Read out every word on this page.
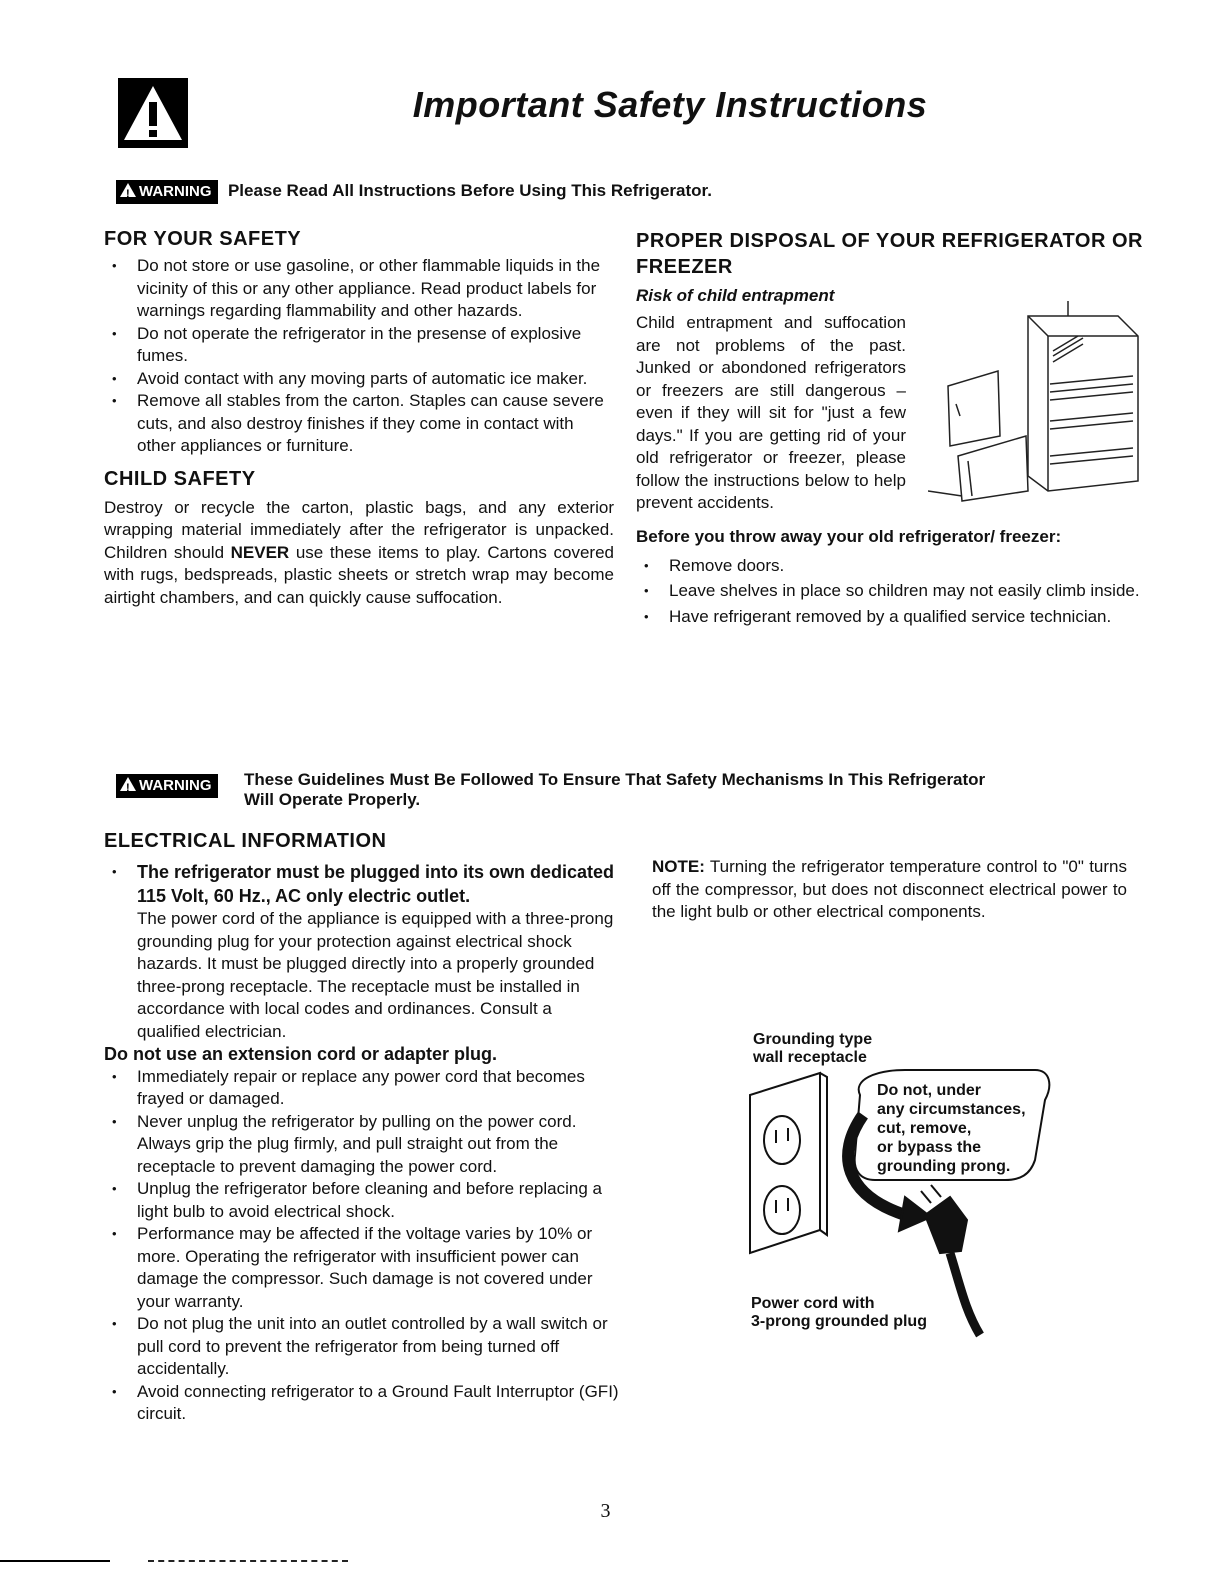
Important Safety Instructions
!WARNING Please Read All Instructions Before Using This Refrigerator.
FOR YOUR SAFETY
• Do not store or use gasoline, or other flammable liquids in the vicinity of this or any other appliance. Read product labels for warnings regarding flammability and other hazards.
• Do not operate the refrigerator in the presense of explosive fumes.
• Avoid contact with any moving parts of automatic ice maker.
• Remove all stables from the carton. Staples can cause severe cuts, and also destroy finishes if they come in contact with other appliances or furniture.
CHILD SAFETY
Destroy or recycle the carton, plastic bags, and any exterior wrapping material immediately after the refrigerator is unpacked. Children should NEVER use these items to play. Cartons covered with rugs, bedspreads, plastic sheets or stretch wrap may become airtight chambers, and can quickly cause suffocation.
PROPER DISPOSAL OF YOUR REFRIGERATOR OR FREEZER
Risk of child entrapment
Child entrapment and suffocation are not problems of the past. Junked or abondoned refrigerators or freezers are still dangerous – even if they will sit for "just a few days." If you are getting rid of your old refrigerator or freezer, please follow the instructions below to help prevent accidents.
Before you throw away your old refrigerator/ freezer:
• Remove doors.
• Leave shelves in place so children may not easily climb inside.
• Have refrigerant removed by a qualified service technician.
!WARNING These Guidelines Must Be Followed To Ensure That Safety Mechanisms In This Refrigerator
Will Operate Properly.
ELECTRICAL INFORMATION
• The refrigerator must be plugged into its own dedicated 115 Volt, 60 Hz., AC only electric outlet.
The power cord of the appliance is equipped with a three-prong grounding plug for your protection against electrical shock hazards. It must be plugged directly into a properly grounded three-prong receptacle. The receptacle must be installed in accordance with local codes and ordinances. Consult a qualified electrician.
Do not use an extension cord or adapter plug.
• Immediately repair or replace any power cord that becomes frayed or damaged.
• Never unplug the refrigerator by pulling on the power cord. Always grip the plug firmly, and pull straight out from the receptacle to prevent damaging the power cord.
• Unplug the refrigerator before cleaning and before replacing a light bulb to avoid electrical shock.
• Performance may be affected if the voltage varies by 10% or more. Operating the refrigerator with insufficient power can damage the compressor. Such damage is not covered under your warranty.
• Do not plug the unit into an outlet controlled by a wall switch or pull cord to prevent the refrigerator from being turned off accidentally.
• Avoid connecting refrigerator to a Ground Fault Interruptor (GFI) circuit.
NOTE: Turning the refrigerator temperature control to "0" turns off the compressor, but does not disconnect electrical power to the light bulb or other electrical components.
Grounding type
wall receptacle
Do not, under
any circumstances,
cut, remove,
or bypass the
grounding prong.
Power cord with
3-prong grounded plug
3
